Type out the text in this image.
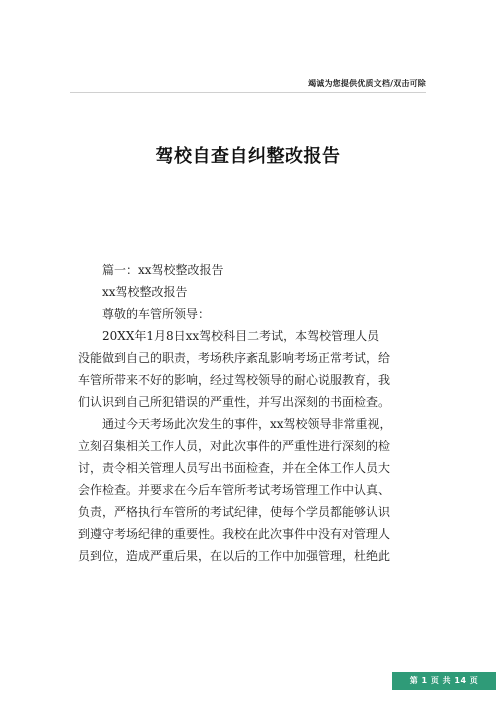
竭诚为您提供优质文档/双击可除
驾校自查自纠整改报告
篇一：xx驾校整改报告
xx驾校整改报告
尊敬的车管所领导：
20XX年1月8日xx驾校科目二考试，本驾校管理人员
没能做到自己的职责，考场秩序紊乱影响考场正常考试，给
车管所带来不好的影响，经过驾校领导的耐心说服教育，我
们认识到自己所犯错误的严重性，并写出深刻的书面检查。
通过今天考场此次发生的事件，xx驾校领导非常重视，
立刻召集相关工作人员，对此次事件的严重性进行深刻的检
讨，责令相关管理人员写出书面检查，并在全体工作人员大
会作检查。并要求在今后车管所考试考场管理工作中认真、
负责，严格执行车管所的考试纪律，使每个学员都能够认识
到遵守考场纪律的重要性。我校在此次事件中没有对管理人
员到位，造成严重后果，在以后的工作中加强管理，杜绝此
第 1 页 共 14 页
